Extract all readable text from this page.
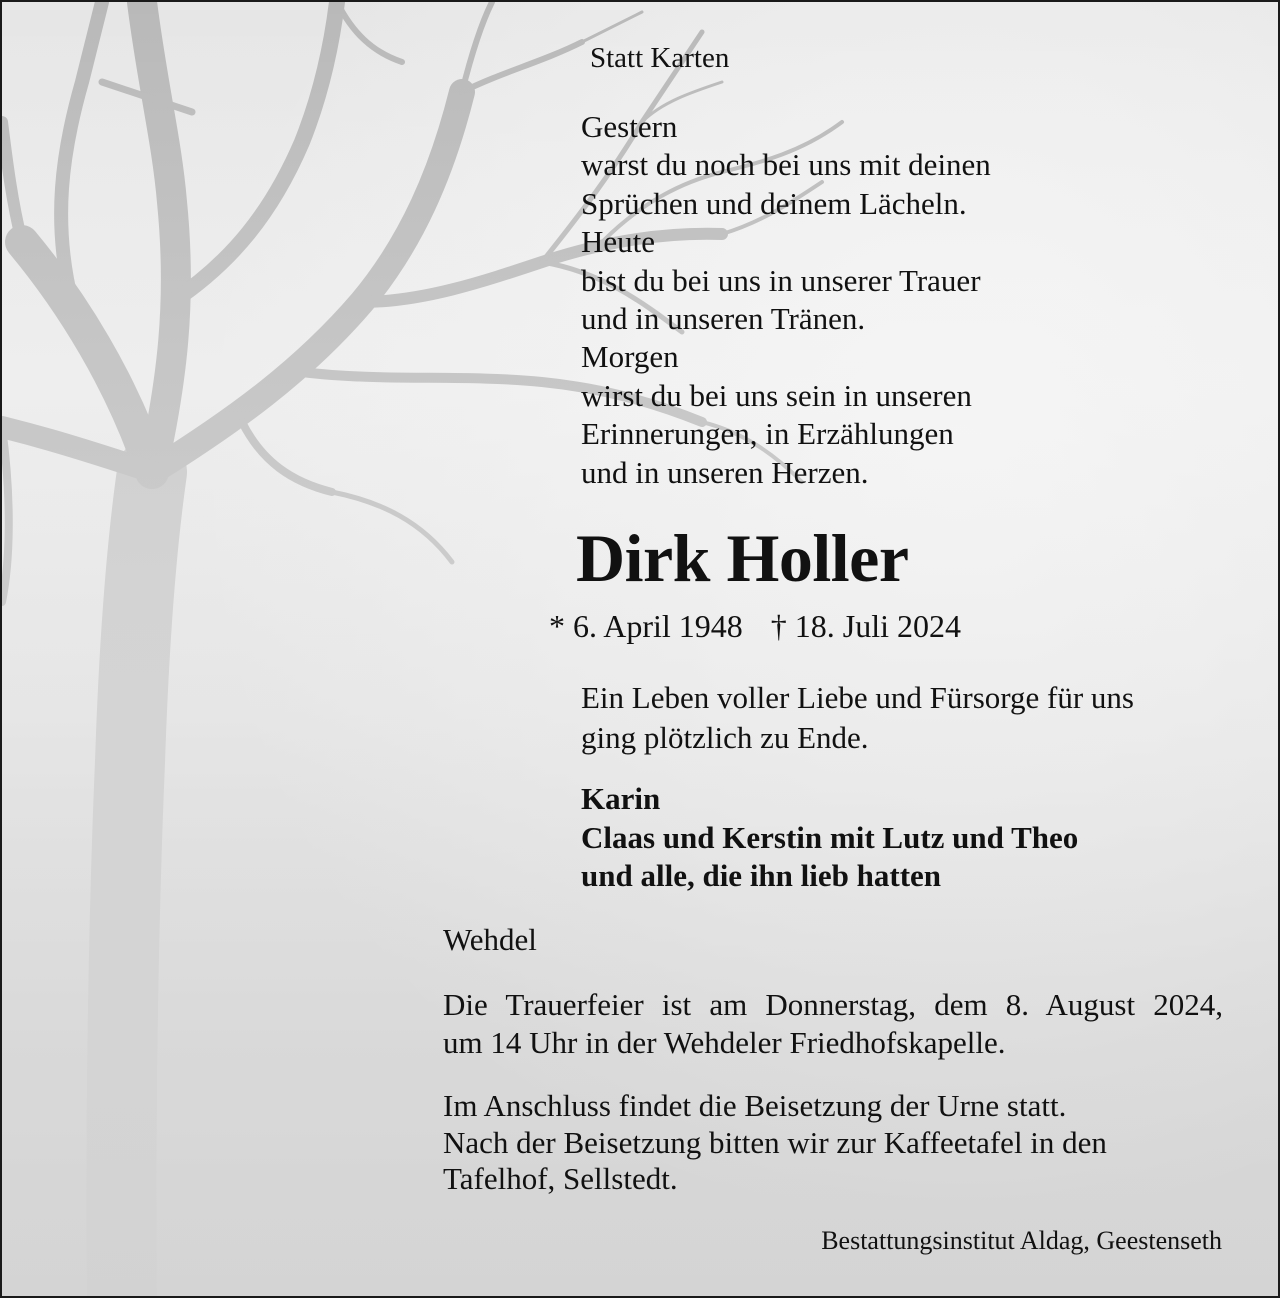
Statt Karten
Gestern
warst du noch bei uns mit deinen
Sprüchen und deinem Lächeln.
Heute
bist du bei uns in unserer Trauer
und in unseren Tränen.
Morgen
wirst du bei uns sein in unseren
Erinnerungen, in Erzählungen
und in unseren Herzen.
Dirk Holler
* 6. April 1948 † 18. Juli 2024
Ein Leben voller Liebe und Fürsorge für uns
ging plötzlich zu Ende.
Karin
Claas und Kerstin mit Lutz und Theo
und alle, die ihn lieb hatten
Wehdel
Die Trauerfeier ist am Donnerstag, dem 8. August 2024,
um 14 Uhr in der Wehdeler Friedhofskapelle.
Im Anschluss findet die Beisetzung der Urne statt.
Nach der Beisetzung bitten wir zur Kaffeetafel in den
Tafelhof, Sellstedt.
Bestattungsinstitut Aldag, Geestenseth
